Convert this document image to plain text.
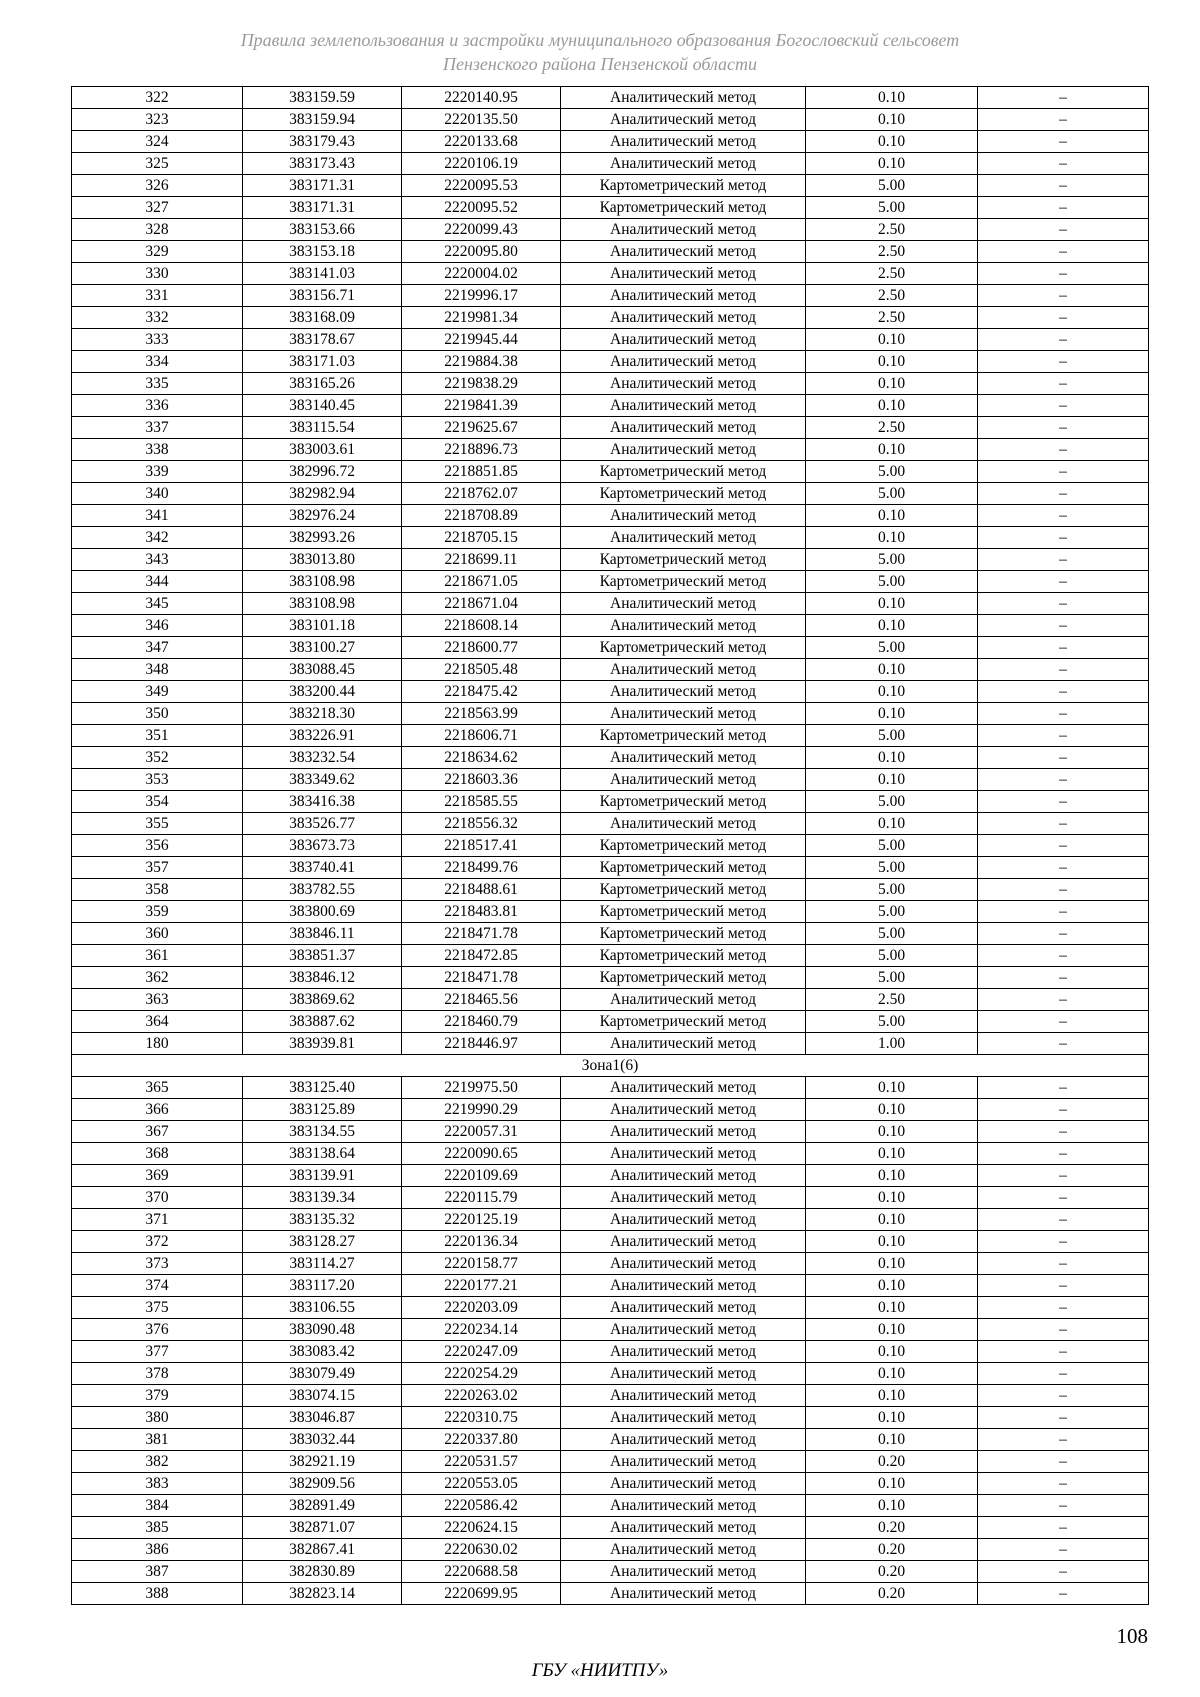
Правила землепользования и застройки муниципального образования Богословский сельсовет
Пензенского района Пензенской области
322	383159.59	2220140.95	Аналитический метод	0.10	–
323	383159.94	2220135.50	Аналитический метод	0.10	–
324	383179.43	2220133.68	Аналитический метод	0.10	–
325	383173.43	2220106.19	Аналитический метод	0.10	–
326	383171.31	2220095.53	Картометрический метод	5.00	–
327	383171.31	2220095.52	Картометрический метод	5.00	–
328	383153.66	2220099.43	Аналитический метод	2.50	–
329	383153.18	2220095.80	Аналитический метод	2.50	–
330	383141.03	2220004.02	Аналитический метод	2.50	–
331	383156.71	2219996.17	Аналитический метод	2.50	–
332	383168.09	2219981.34	Аналитический метод	2.50	–
333	383178.67	2219945.44	Аналитический метод	0.10	–
334	383171.03	2219884.38	Аналитический метод	0.10	–
335	383165.26	2219838.29	Аналитический метод	0.10	–
336	383140.45	2219841.39	Аналитический метод	0.10	–
337	383115.54	2219625.67	Аналитический метод	2.50	–
338	383003.61	2218896.73	Аналитический метод	0.10	–
339	382996.72	2218851.85	Картометрический метод	5.00	–
340	382982.94	2218762.07	Картометрический метод	5.00	–
341	382976.24	2218708.89	Аналитический метод	0.10	–
342	382993.26	2218705.15	Аналитический метод	0.10	–
343	383013.80	2218699.11	Картометрический метод	5.00	–
344	383108.98	2218671.05	Картометрический метод	5.00	–
345	383108.98	2218671.04	Аналитический метод	0.10	–
346	383101.18	2218608.14	Аналитический метод	0.10	–
347	383100.27	2218600.77	Картометрический метод	5.00	–
348	383088.45	2218505.48	Аналитический метод	0.10	–
349	383200.44	2218475.42	Аналитический метод	0.10	–
350	383218.30	2218563.99	Аналитический метод	0.10	–
351	383226.91	2218606.71	Картометрический метод	5.00	–
352	383232.54	2218634.62	Аналитический метод	0.10	–
353	383349.62	2218603.36	Аналитический метод	0.10	–
354	383416.38	2218585.55	Картометрический метод	5.00	–
355	383526.77	2218556.32	Аналитический метод	0.10	–
356	383673.73	2218517.41	Картометрический метод	5.00	–
357	383740.41	2218499.76	Картометрический метод	5.00	–
358	383782.55	2218488.61	Картометрический метод	5.00	–
359	383800.69	2218483.81	Картометрический метод	5.00	–
360	383846.11	2218471.78	Картометрический метод	5.00	–
361	383851.37	2218472.85	Картометрический метод	5.00	–
362	383846.12	2218471.78	Картометрический метод	5.00	–
363	383869.62	2218465.56	Аналитический метод	2.50	–
364	383887.62	2218460.79	Картометрический метод	5.00	–
180	383939.81	2218446.97	Аналитический метод	1.00	–
Зона1(6)					
365	383125.40	2219975.50	Аналитический метод	0.10	–
366	383125.89	2219990.29	Аналитический метод	0.10	–
367	383134.55	2220057.31	Аналитический метод	0.10	–
368	383138.64	2220090.65	Аналитический метод	0.10	–
369	383139.91	2220109.69	Аналитический метод	0.10	–
370	383139.34	2220115.79	Аналитический метод	0.10	–
371	383135.32	2220125.19	Аналитический метод	0.10	–
372	383128.27	2220136.34	Аналитический метод	0.10	–
373	383114.27	2220158.77	Аналитический метод	0.10	–
374	383117.20	2220177.21	Аналитический метод	0.10	–
375	383106.55	2220203.09	Аналитический метод	0.10	–
376	383090.48	2220234.14	Аналитический метод	0.10	–
377	383083.42	2220247.09	Аналитический метод	0.10	–
378	383079.49	2220254.29	Аналитический метод	0.10	–
379	383074.15	2220263.02	Аналитический метод	0.10	–
380	383046.87	2220310.75	Аналитический метод	0.10	–
381	383032.44	2220337.80	Аналитический метод	0.10	–
382	382921.19	2220531.57	Аналитический метод	0.20	–
383	382909.56	2220553.05	Аналитический метод	0.10	–
384	382891.49	2220586.42	Аналитический метод	0.10	–
385	382871.07	2220624.15	Аналитический метод	0.20	–
386	382867.41	2220630.02	Аналитический метод	0.20	–
387	382830.89	2220688.58	Аналитический метод	0.20	–
388	382823.14	2220699.95	Аналитический метод	0.20	–
108
ГБУ «НИИТПУ»
